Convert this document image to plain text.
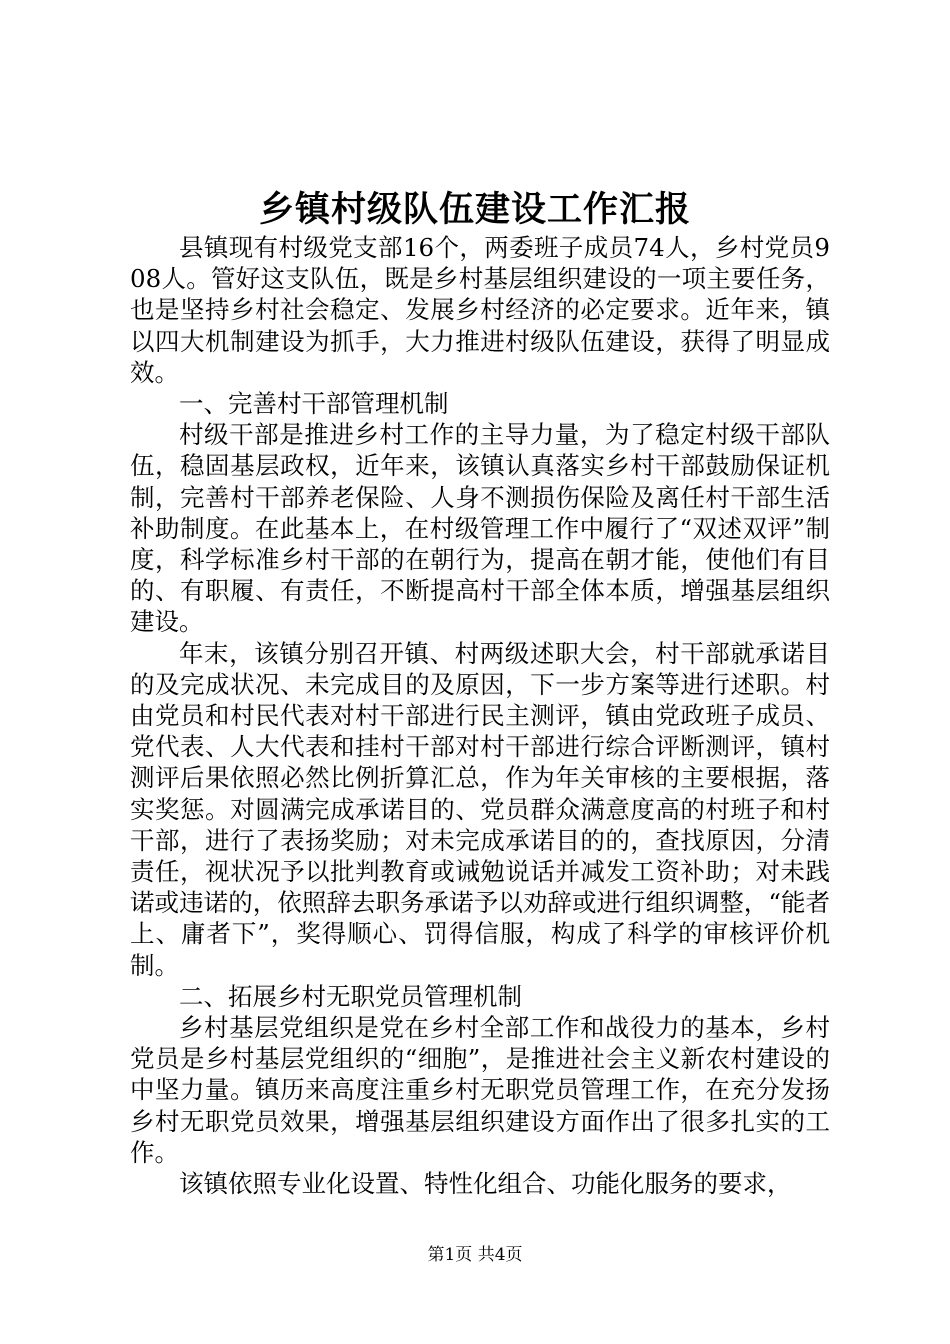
乡镇村级队伍建设工作汇报

县镇现有村级党支部16个，两委班子成员74人，乡村党员908人。管好这支队伍，既是乡村基层组织建设的一项主要任务，也是坚持乡村社会稳定、发展乡村经济的必定要求。近年来，镇以四大机制建设为抓手，大力推进村级队伍建设，获得了明显成效。

一、完善村干部管理机制

村级干部是推进乡村工作的主导力量，为了稳定村级干部队伍，稳固基层政权，近年来，该镇认真落实乡村干部鼓励保证机制，完善村干部养老保险、人身不测损伤保险及离任村干部生活补助制度。在此基本上，在村级管理工作中履行了“双述双评”制度，科学标准乡村干部的在朝行为，提高在朝才能，使他们有目的、有职履、有责任，不断提高村干部全体本质，增强基层组织建设。

年末，该镇分别召开镇、村两级述职大会，村干部就承诺目的及完成状况、未完成目的及原因，下一步方案等进行述职。村由党员和村民代表对村干部进行民主测评，镇由党政班子成员、党代表、人大代表和挂村干部对村干部进行综合评断测评，镇村测评后果依照必然比例折算汇总，作为年关审核的主要根据，落实奖惩。对圆满完成承诺目的、党员群众满意度高的村班子和村干部，进行了表扬奖励；对未完成承诺目的的，查找原因，分清责任，视状况予以批判教育或诫勉说话并减发工资补助；对未践诺或违诺的，依照辞去职务承诺予以劝辞或进行组织调整，“能者上、庸者下”，奖得顺心、罚得信服，构成了科学的审核评价机制。

二、拓展乡村无职党员管理机制

乡村基层党组织是党在乡村全部工作和战役力的基本，乡村党员是乡村基层党组织的“细胞”，是推进社会主义新农村建设的中坚力量。镇历来高度注重乡村无职党员管理工作，在充分发扬乡村无职党员效果，增强基层组织建设方面作出了很多扎实的工作。

该镇依照专业化设置、特性化组合、功能化服务的要求，

第1页 共4页
